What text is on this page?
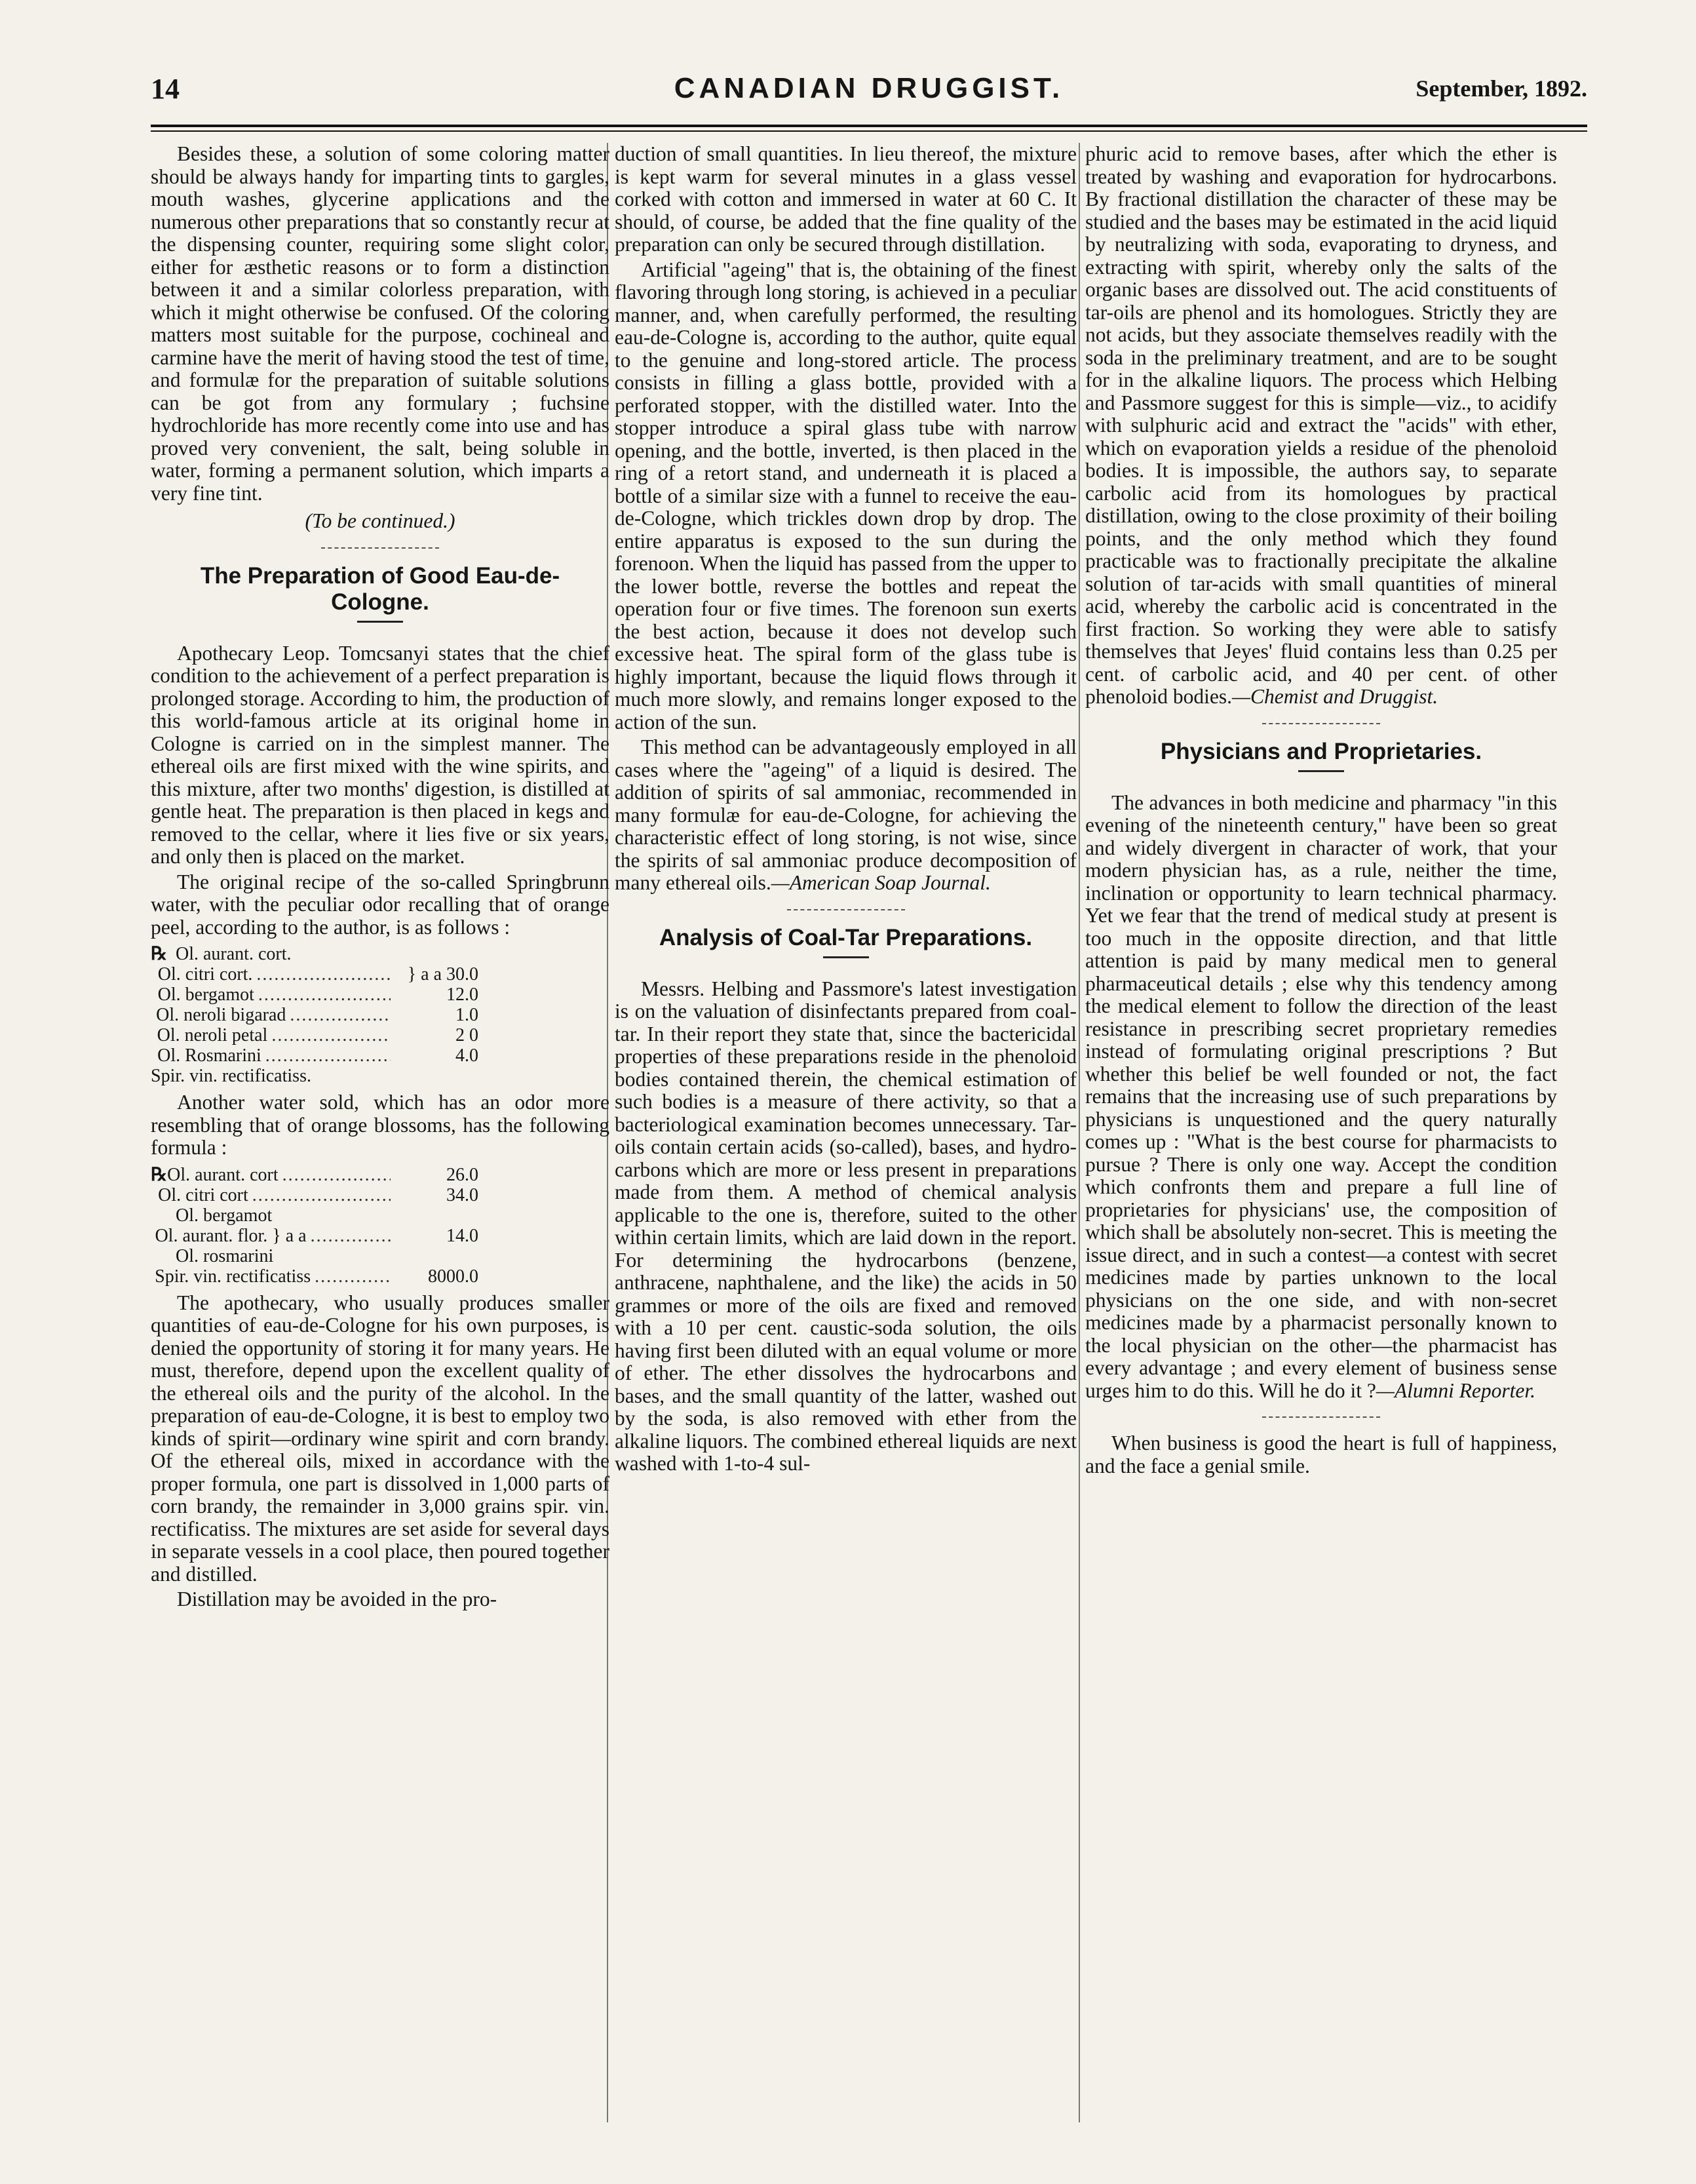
14	CANADIAN DRUGGIST.	September, 1892.

Besides these, a solution of some coloring matter should be always handy for imparting tints to gargles, mouth washes, glycerine applications and the numerous other preparations that so constantly recur at the dispensing counter, requiring some slight color, either for æsthetic reasons or to form a distinction between it and a similar colorless preparation, with which it might otherwise be confused. Of the coloring matters most suitable for the purpose, cochineal and carmine have the merit of having stood the test of time, and formulæ for the preparation of suitable solutions can be got from any formulary ; fuchsine hydrochloride has more recently come into use and has proved very convenient, the salt, being soluble in water, forming a permanent solution, which imparts a very fine tint.

(To be continued.)
The Preparation of Good Eau-de-Cologne.

Apothecary Leop. Tomcsanyi states that the chief condition to the achievement of a perfect preparation is prolonged storage. According to him, the production of this world-famous article at its original home in Cologne is carried on in the simplest manner. The ethereal oils are first mixed with the wine spirits, and this mixture, after two months' digestion, is distilled at gentle heat. The preparation is then placed in kegs and removed to the cellar, where it lies five or six years, and only then is placed on the market.

The original recipe of the so-called Springbrunn water, with the peculiar odor recalling that of orange peel, according to the author, is as follows :

℞ Ol. aurant. cort.
Ol. citri cort. .....	} a a 30.0
Ol. bergamot .....	12.0
Ol. neroli bigarad .....	1.0
Ol. neroli petal .....	2 0
Ol. Rosmarini .....	4.0
Spir. vin. rectificatiss.

Another water sold, which has an odor more resembling that of orange blossoms, has the following formula :

℞ Ol. aurant. cort .....	26.0
Ol. citri cort .....	34.0
Ol. bergamot
Ol. aurant. flor. } a a .....	14.0
Ol. rosmarini
Spir. vin. rectificatiss .....	8000.0

The apothecary, who usually produces smaller quantities of eau-de-Cologne for his own purposes, is denied the opportunity of storing it for many years. He must, therefore, depend upon the excellent quality of the ethereal oils and the purity of the alcohol. In the preparation of eau-de-Cologne, it is best to employ two kinds of spirit—ordinary wine spirit and corn brandy. Of the ethereal oils, mixed in accordance with the proper formula, one part is dissolved in 1,000 parts of corn brandy, the remainder in 3,000 grains spir. vin. rectificatiss. The mixtures are set aside for several days in separate vessels in a cool place, then poured together and distilled.

Distillation may be avoided in the pro-

duction of small quantities. In lieu thereof, the mixture is kept warm for several minutes in a glass vessel corked with cotton and immersed in water at 60 C. It should, of course, be added that the fine quality of the preparation can only be secured through distillation.

Artificial "ageing" that is, the obtaining of the finest flavoring through long storing, is achieved in a peculiar manner, and, when carefully performed, the resulting eau-de-Cologne is, according to the author, quite equal to the genuine and long-stored article. The process consists in filling a glass bottle, provided with a perforated stopper, with the distilled water. Into the stopper introduce a spiral glass tube with narrow opening, and the bottle, inverted, is then placed in the ring of a retort stand, and underneath it is placed a bottle of a similar size with a funnel to receive the eau-de-Cologne, which trickles down drop by drop. The entire apparatus is exposed to the sun during the forenoon. When the liquid has passed from the upper to the lower bottle, reverse the bottles and repeat the operation four or five times. The forenoon sun exerts the best action, because it does not develop such excessive heat. The spiral form of the glass tube is highly important, because the liquid flows through it much more slowly, and remains longer exposed to the action of the sun.

This method can be advantageously employed in all cases where the "ageing" of a liquid is desired. The addition of spirits of sal ammoniac, recommended in many formulæ for eau-de-Cologne, for achieving the characteristic effect of long storing, is not wise, since the spirits of sal ammoniac produce decomposition of many ethereal oils.—American Soap Journal.

Analysis of Coal-Tar Preparations.

Messrs. Helbing and Passmore's latest investigation is on the valuation of disinfectants prepared from coal-tar. In their report they state that, since the bactericidal properties of these preparations reside in the phenoloid bodies contained therein, the chemical estimation of such bodies is a measure of there activity, so that a bacteriological examination becomes unnecessary. Tar-oils contain certain acids (so-called), bases, and hydro-carbons which are more or less present in preparations made from them. A method of chemical analysis applicable to the one is, therefore, suited to the other within certain limits, which are laid down in the report. For determining the hydrocarbons (benzene, anthracene, naphthalene, and the like) the acids in 50 grammes or more of the oils are fixed and removed with a 10 per cent. caustic-soda solution, the oils having first been diluted with an equal volume or more of ether. The ether dissolves the hydrocarbons and bases, and the small quantity of the latter, washed out by the soda, is also removed with ether from the alkaline liquors. The combined ethereal liquids are next washed with 1-to-4 sul-

phuric acid to remove bases, after which the ether is treated by washing and evaporation for hydrocarbons. By fractional distillation the character of these may be studied and the bases may be estimated in the acid liquid by neutralizing with soda, evaporating to dryness, and extracting with spirit, whereby only the salts of the organic bases are dissolved out. The acid constituents of tar-oils are phenol and its homologues. Strictly they are not acids, but they associate themselves readily with the soda in the preliminary treatment, and are to be sought for in the alkaline liquors. The process which Helbing and Passmore suggest for this is simple—viz., to acidify with sulphuric acid and extract the "acids" with ether, which on evaporation yields a residue of the phenoloid bodies. It is impossible, the authors say, to separate carbolic acid from its homologues by practical distillation, owing to the close proximity of their boiling points, and the only method which they found practicable was to fractionally precipitate the alkaline solution of tar-acids with small quantities of mineral acid, whereby the carbolic acid is concentrated in the first fraction. So working they were able to satisfy themselves that Jeyes' fluid contains less than 0.25 per cent. of carbolic acid, and 40 per cent. of other phenoloid bodies.—Chemist and Druggist.

Physicians and Proprietaries.

The advances in both medicine and pharmacy "in this evening of the nineteenth century," have been so great and widely divergent in character of work, that your modern physician has, as a rule, neither the time, inclination or opportunity to learn technical pharmacy. Yet we fear that the trend of medical study at present is too much in the opposite direction, and that little attention is paid by many medical men to general pharmaceutical details ; else why this tendency among the medical element to follow the direction of the least resistance in prescribing secret proprietary remedies instead of formulating original prescriptions ? But whether this belief be well founded or not, the fact remains that the increasing use of such preparations by physicians is unquestioned and the query naturally comes up : "What is the best course for pharmacists to pursue ? There is only one way. Accept the condition which confronts them and prepare a full line of proprietaries for physicians' use, the composition of which shall be absolutely non-secret. This is meeting the issue direct, and in such a contest—a contest with secret medicines made by parties unknown to the local physicians on the one side, and with non-secret medicines made by a pharmacist personally known to the local physician on the other—the pharmacist has every advantage ; and every element of business sense urges him to do this. Will he do it ?—Alumni Reporter.

When business is good the heart is full of happiness, and the face a genial smile.
